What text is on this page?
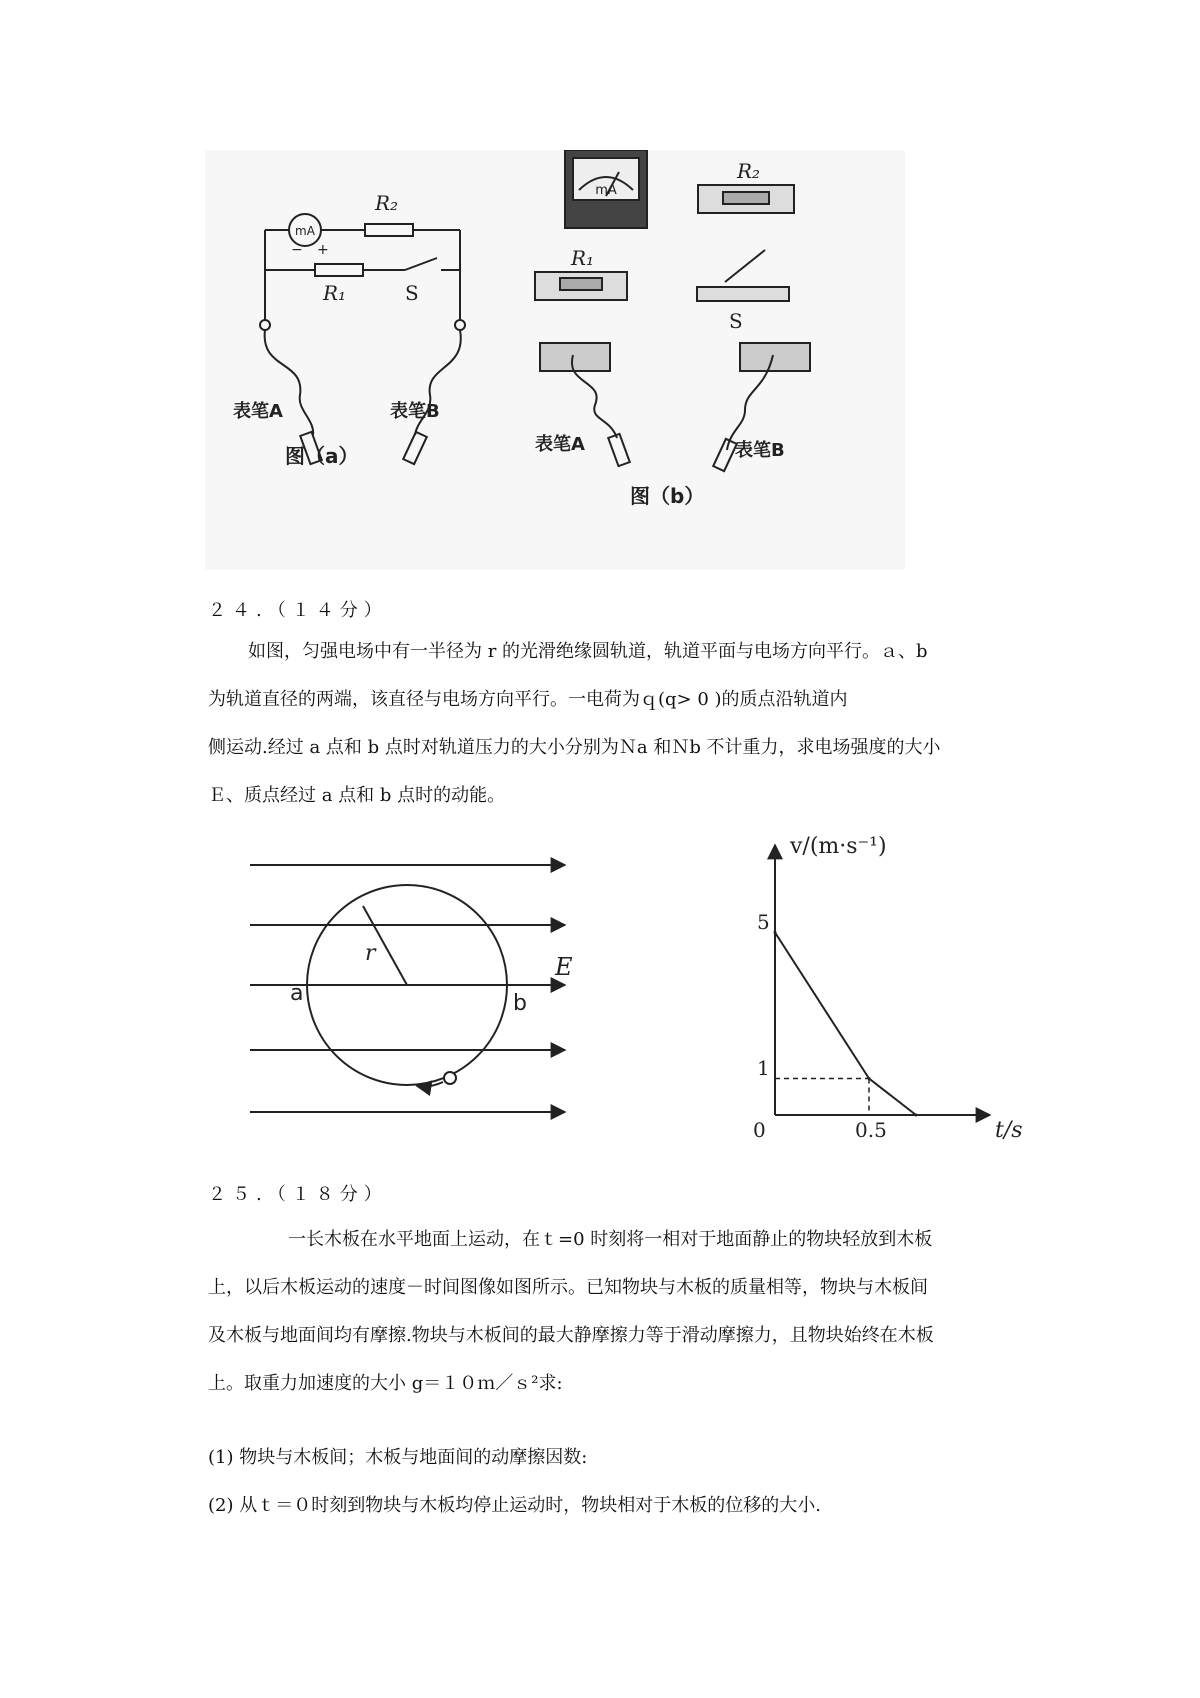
mA
− +
R₂
R₁	S
表笔A	表笔B
图（a）
mA
R₂
R₁
S
表笔A	表笔B
图（b）
２４.（１４分）
如图，匀强电场中有一半径为 r 的光滑绝缘圆轨道，轨道平面与电场方向平行。ａ、b
为轨道直径的两端，该直径与电场方向平行。一电荷为ｑ(q> 0 )的质点沿轨道内
侧运动.经过 a 点和 b 点时对轨道压力的大小分别为Ｎa 和Ｎb 不计重力，求电场强度的大小
Ｅ、质点经过 a 点和 b 点时的动能。
r
a	b
E
v/(m·s⁻¹)
t/s
0
5
1
0.5
２５.（１８分）
一长木板在水平地面上运动，在ｔ=0 时刻将一相对于地面静止的物块轻放到木板
上，以后木板运动的速度－时间图像如图所示。已知物块与木板的质量相等，物块与木板间
及木板与地面间均有摩擦.物块与木板间的最大静摩擦力等于滑动摩擦力，且物块始终在木板
上。取重力加速度的大小 g＝１０ｍ／ｓ²求:
(1) 物块与木板间；木板与地面间的动摩擦因数:
(2) 从ｔ＝０时刻到物块与木板均停止运动时，物块相对于木板的位移的大小.
